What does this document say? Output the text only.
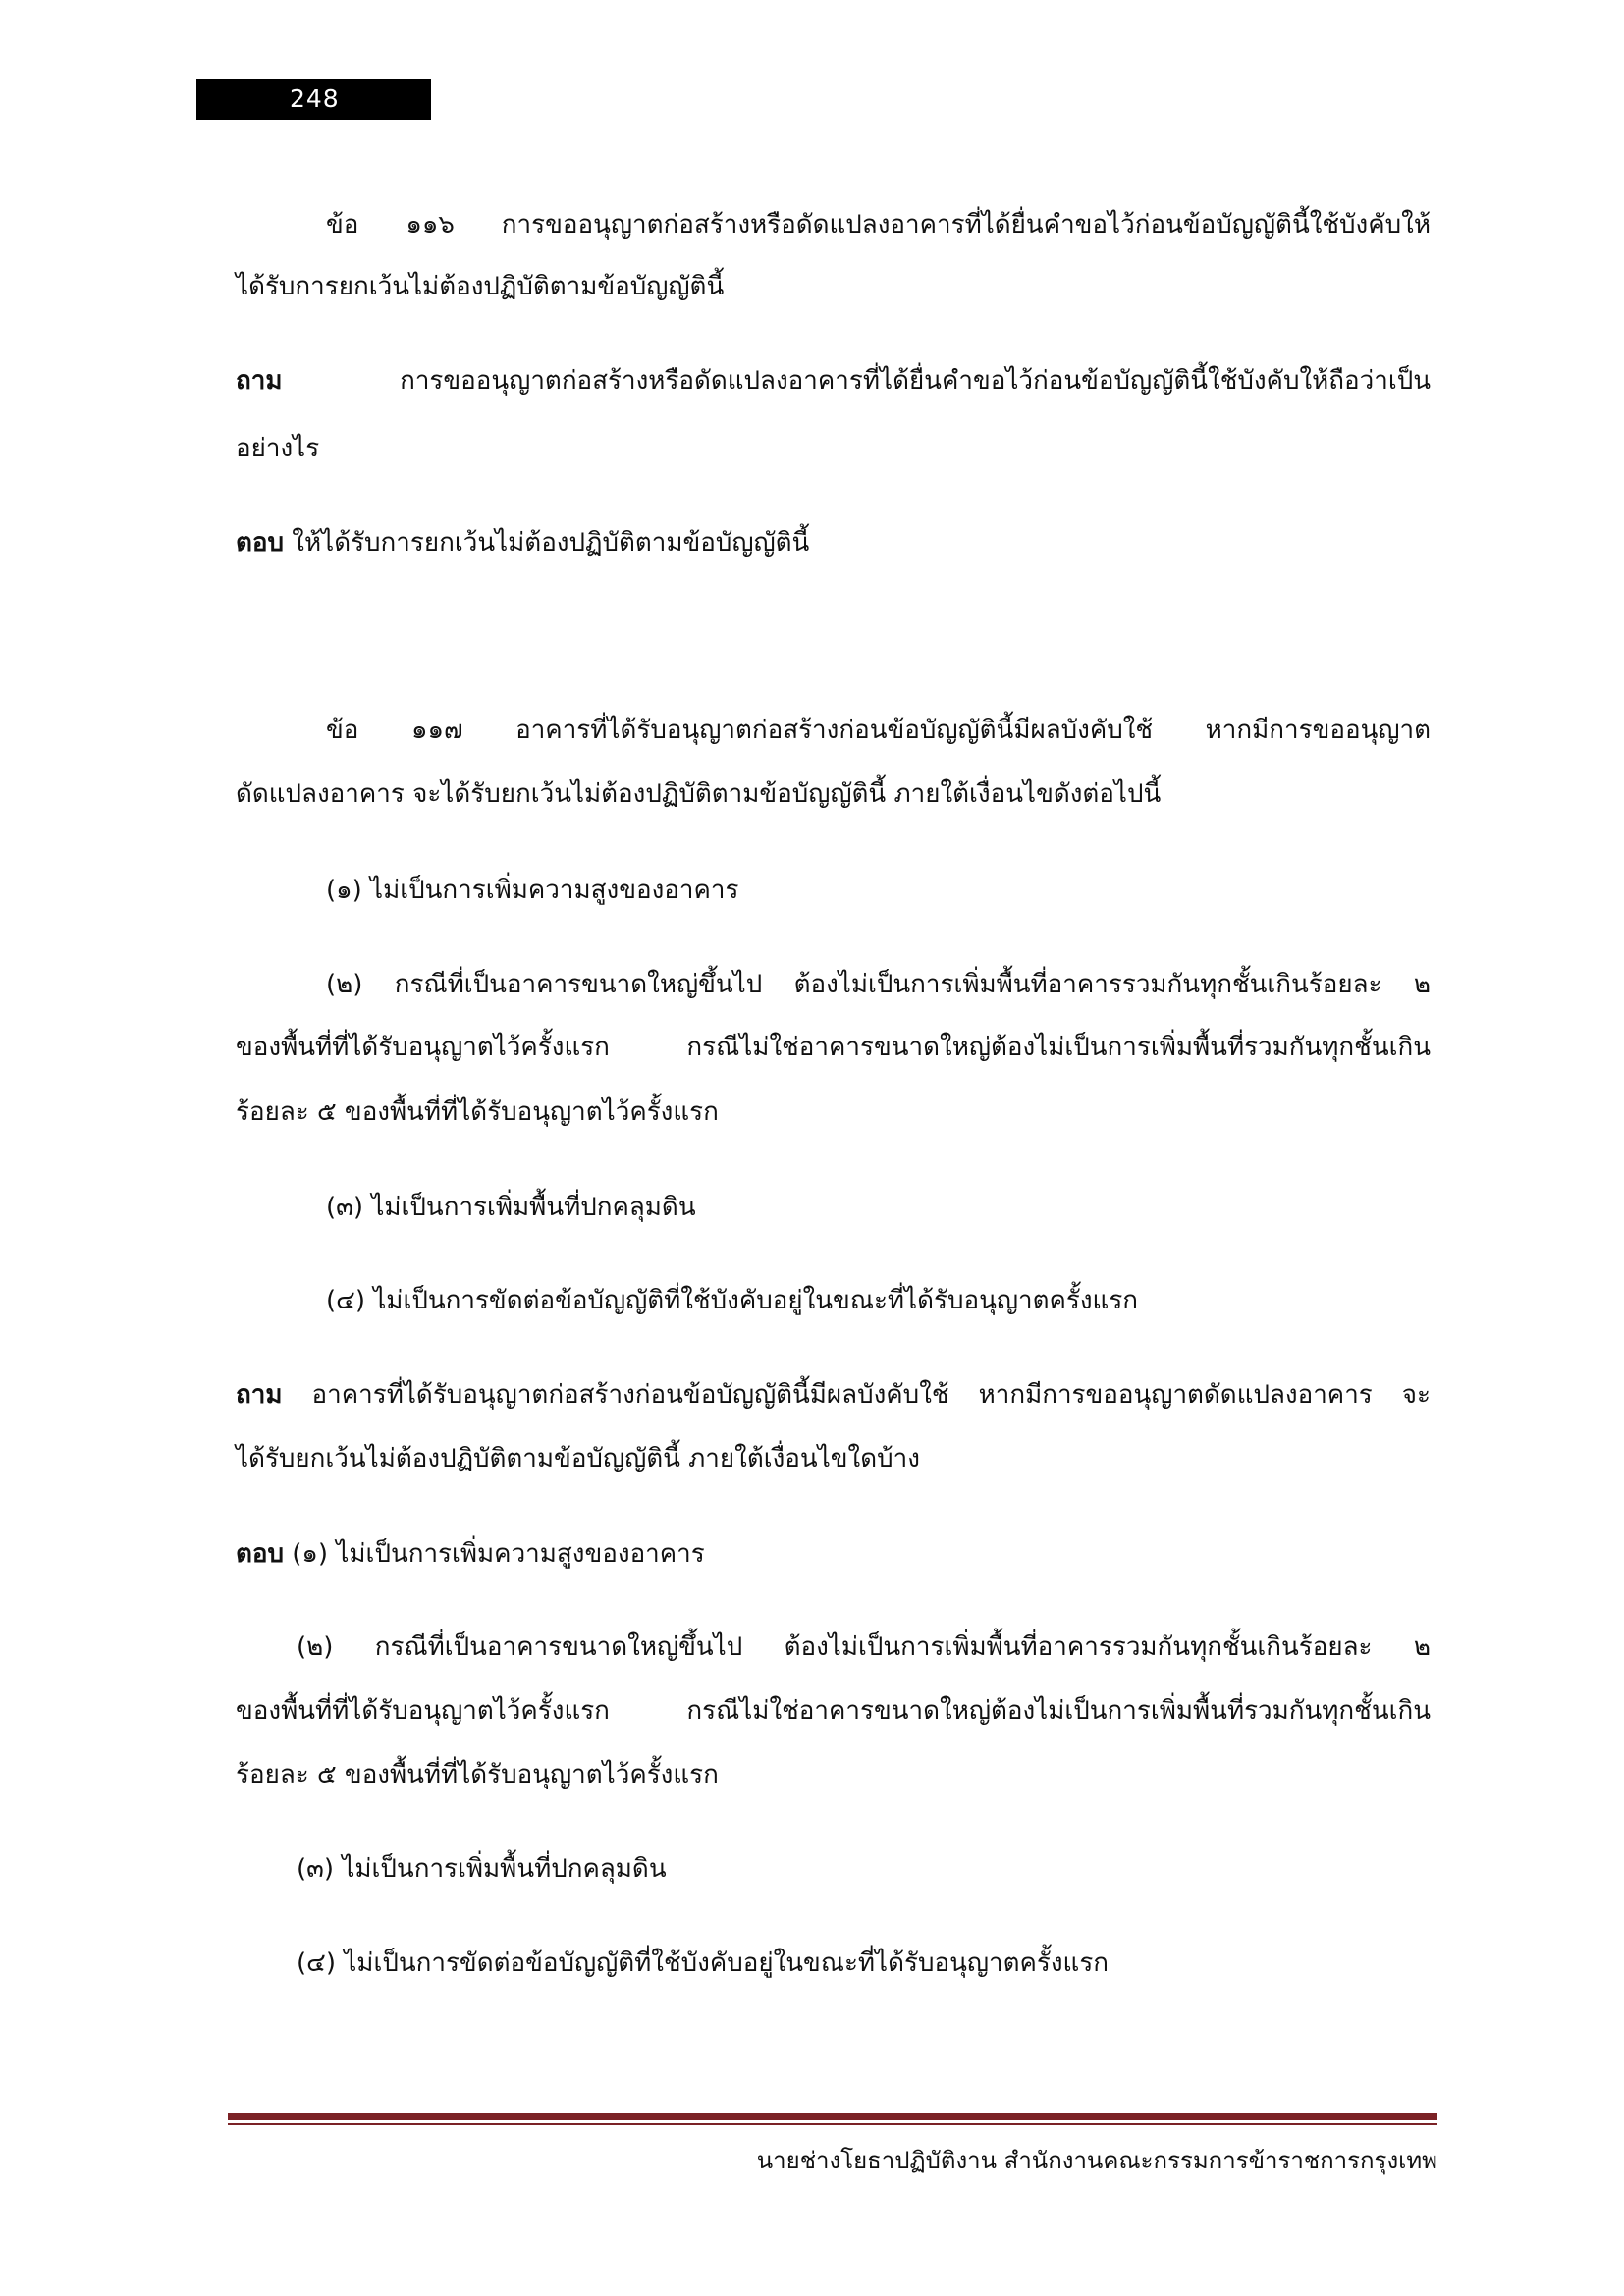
248
ข้อ ๑๑๖ การขออนุญาตก่อสร้างหรือดัดแปลงอาคารที่ได้ยื่นคำขอไว้ก่อนข้อบัญญัตินี้ใช้บังคับให้
ได้รับการยกเว้นไม่ต้องปฏิบัติตามข้อบัญญัตินี้
ถาม	การขออนุญาตก่อสร้างหรือดัดแปลงอาคารที่ได้ยื่นคำขอไว้ก่อนข้อบัญญัตินี้ใช้บังคับให้ถือว่าเป็น
อย่างไร
ตอบ ให้ได้รับการยกเว้นไม่ต้องปฏิบัติตามข้อบัญญัตินี้
ข้อ ๑๑๗ อาคารที่ได้รับอนุญาตก่อสร้างก่อนข้อบัญญัตินี้มีผลบังคับใช้ หากมีการขออนุญาต
ดัดแปลงอาคาร จะได้รับยกเว้นไม่ต้องปฏิบัติตามข้อบัญญัตินี้ ภายใต้เงื่อนไขดังต่อไปนี้
(๑) ไม่เป็นการเพิ่มความสูงของอาคาร
(๒) กรณีที่เป็นอาคารขนาดใหญ่ขึ้นไป ต้องไม่เป็นการเพิ่มพื้นที่อาคารรวมกันทุกชั้นเกินร้อยละ ๒
ของพื้นที่ที่ได้รับอนุญาตไว้ครั้งแรก กรณีไม่ใช่อาคารขนาดใหญ่ต้องไม่เป็นการเพิ่มพื้นที่รวมกันทุกชั้นเกิน
ร้อยละ ๕ ของพื้นที่ที่ได้รับอนุญาตไว้ครั้งแรก
(๓) ไม่เป็นการเพิ่มพื้นที่ปกคลุมดิน
(๔) ไม่เป็นการขัดต่อข้อบัญญัติที่ใช้บังคับอยู่ในขณะที่ได้รับอนุญาตครั้งแรก
ถาม อาคารที่ได้รับอนุญาตก่อสร้างก่อนข้อบัญญัตินี้มีผลบังคับใช้ หากมีการขออนุญาตดัดแปลงอาคาร จะ
ได้รับยกเว้นไม่ต้องปฏิบัติตามข้อบัญญัตินี้ ภายใต้เงื่อนไขใดบ้าง
ตอบ (๑) ไม่เป็นการเพิ่มความสูงของอาคาร
(๒) กรณีที่เป็นอาคารขนาดใหญ่ขึ้นไป ต้องไม่เป็นการเพิ่มพื้นที่อาคารรวมกันทุกชั้นเกินร้อยละ ๒
ของพื้นที่ที่ได้รับอนุญาตไว้ครั้งแรก กรณีไม่ใช่อาคารขนาดใหญ่ต้องไม่เป็นการเพิ่มพื้นที่รวมกันทุกชั้นเกิน
ร้อยละ ๕ ของพื้นที่ที่ได้รับอนุญาตไว้ครั้งแรก
(๓) ไม่เป็นการเพิ่มพื้นที่ปกคลุมดิน
(๔) ไม่เป็นการขัดต่อข้อบัญญัติที่ใช้บังคับอยู่ในขณะที่ได้รับอนุญาตครั้งแรก
นายช่างโยธาปฏิบัติงาน สำนักงานคณะกรรมการข้าราชการกรุงเทพ
